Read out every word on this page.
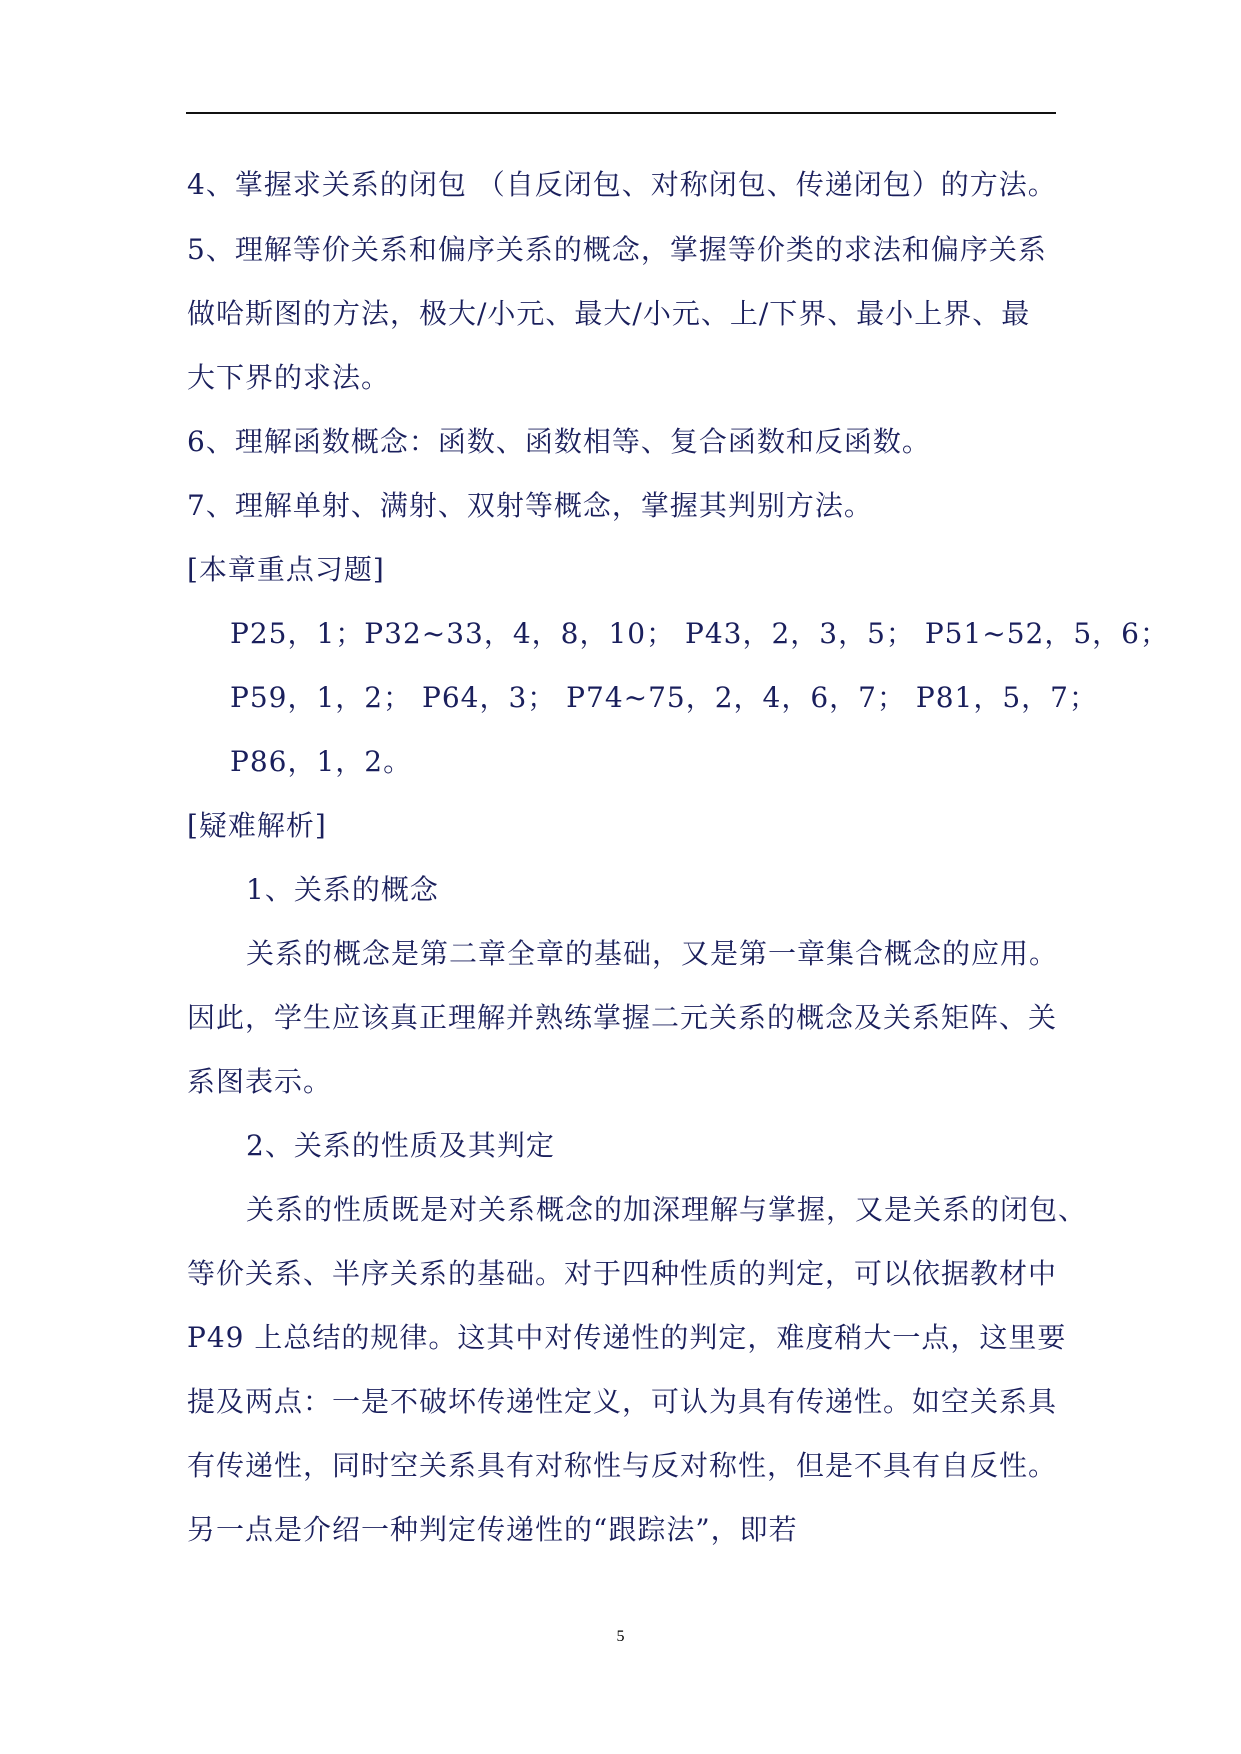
4、掌握求关系的闭包 （自反闭包、对称闭包、传递闭包）的方法。
5、理解等价关系和偏序关系的概念，掌握等价类的求法和偏序关系
做哈斯图的方法，极大/小元、最大/小元、上/下界、最小上界、最
大下界的求法。
6、理解函数概念：函数、函数相等、复合函数和反函数。
7、理解单射、满射、双射等概念，掌握其判别方法。
[本章重点习题]
P25，1；P32~33，4，8，10； P43，2，3，5； P51~52，5，6；
P59，1，2； P64，3； P74~75，2，4，6，7； P81，5，7；
P86，1，2。
[疑难解析]
1、关系的概念
关系的概念是第二章全章的基础，又是第一章集合概念的应用。
因此，学生应该真正理解并熟练掌握二元关系的概念及关系矩阵、关
系图表示。
2、关系的性质及其判定
关系的性质既是对关系概念的加深理解与掌握，又是关系的闭包、
等价关系、半序关系的基础。对于四种性质的判定，可以依据教材中
P49 上总结的规律。这其中对传递性的判定，难度稍大一点，这里要
提及两点：一是不破坏传递性定义，可认为具有传递性。如空关系具
有传递性，同时空关系具有对称性与反对称性，但是不具有自反性。
另一点是介绍一种判定传递性的“跟踪法”，即若
5
